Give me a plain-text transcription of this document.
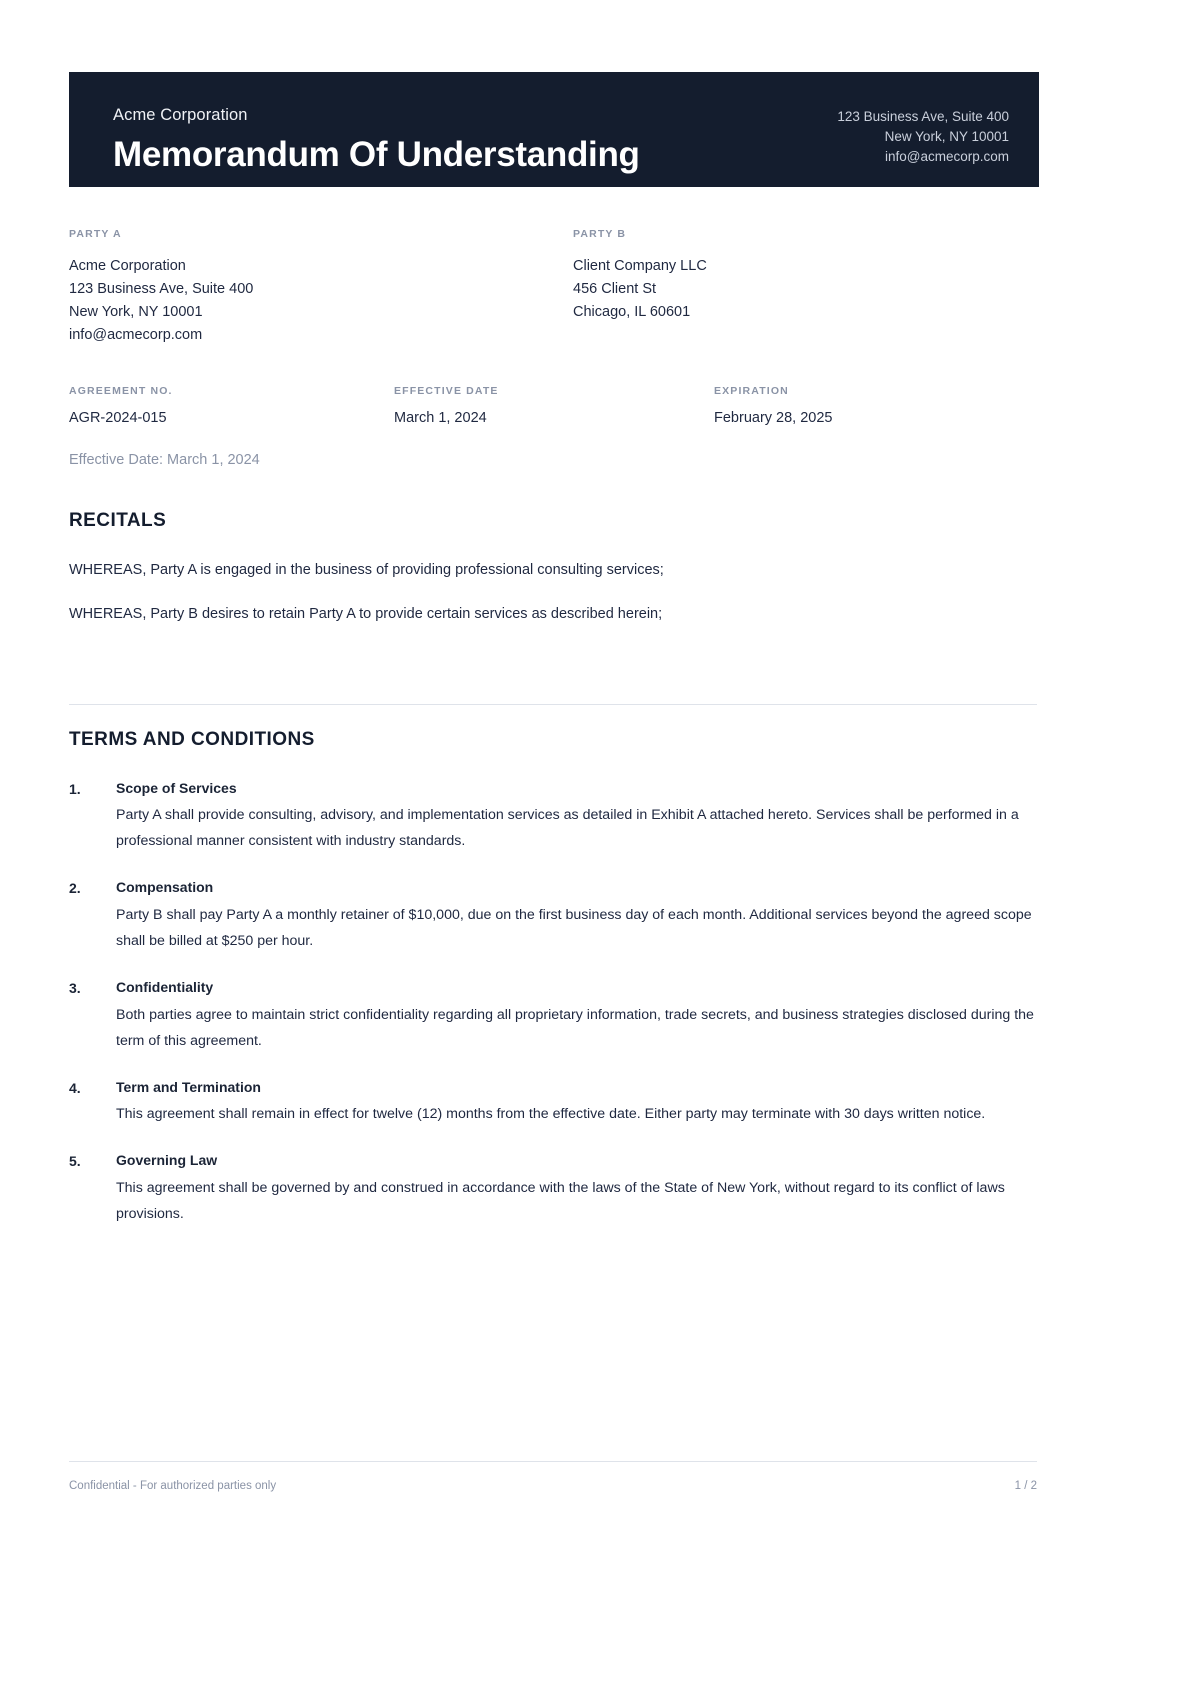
Acme Corporation
Memorandum Of Understanding
123 Business Ave, Suite 400
New York, NY 10001
info@acmecorp.com
PARTY A
Acme Corporation
123 Business Ave, Suite 400
New York, NY 10001
info@acmecorp.com
PARTY B
Client Company LLC
456 Client St
Chicago, IL 60601
AGREEMENT NO.
AGR-2024-015
EFFECTIVE DATE
March 1, 2024
EXPIRATION
February 28, 2025
Effective Date: March 1, 2024
RECITALS
WHEREAS, Party A is engaged in the business of providing professional consulting services;
WHEREAS, Party B desires to retain Party A to provide certain services as described herein;
TERMS AND CONDITIONS
1.	Scope of Services
Party A shall provide consulting, advisory, and implementation services as detailed in Exhibit A attached hereto. Services shall be performed in a professional manner consistent with industry standards.
2.	Compensation
Party B shall pay Party A a monthly retainer of $10,000, due on the first business day of each month. Additional services beyond the agreed scope shall be billed at $250 per hour.
3.	Confidentiality
Both parties agree to maintain strict confidentiality regarding all proprietary information, trade secrets, and business strategies disclosed during the term of this agreement.
4.	Term and Termination
This agreement shall remain in effect for twelve (12) months from the effective date. Either party may terminate with 30 days written notice.
5.	Governing Law
This agreement shall be governed by and construed in accordance with the laws of the State of New York, without regard to its conflict of laws provisions.
Confidential - For authorized parties only	1 / 2
